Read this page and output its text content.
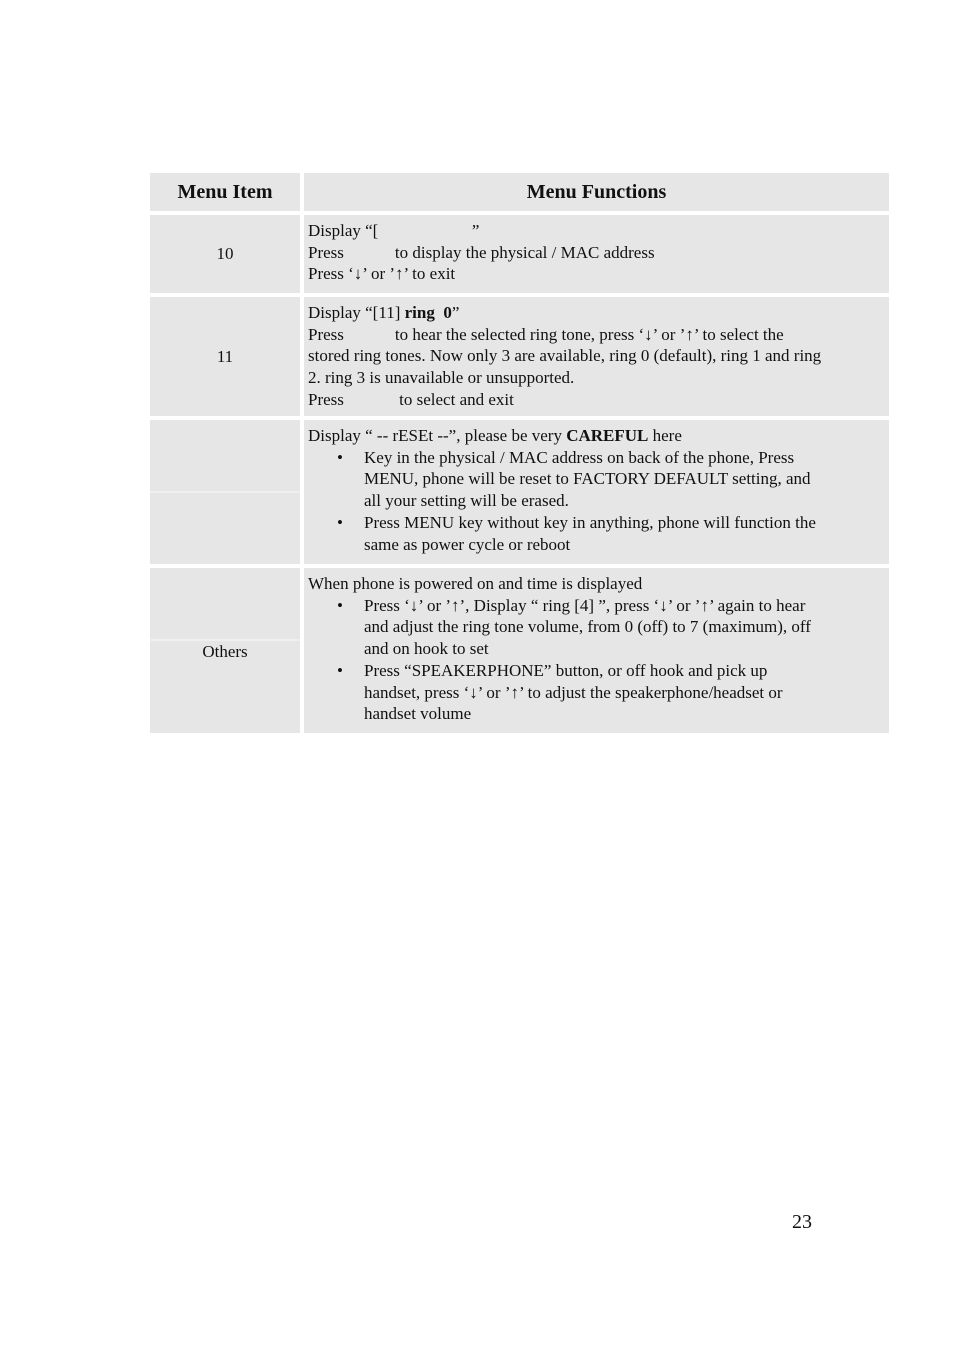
Menu Item	Menu Functions
10
Display “[                      ”
Press            to display the physical / MAC address
Press ‘↓’ or ’↑’ to exit
11
Display “[11] ring  0”
Press            to hear the selected ring tone, press ‘↓’ or ’↑’ to select the
stored ring tones. Now only 3 are available, ring 0 (default), ring 1 and ring
2. ring 3 is unavailable or unsupported.
Press             to select and exit
Display “ -- rESEt --”, please be very CAREFUL here
• Key in the physical / MAC address on back of the phone, Press
MENU, phone will be reset to FACTORY DEFAULT setting, and
all your setting will be erased.
• Press MENU key without key in anything, phone will function the
same as power cycle or reboot
Others
When phone is powered on and time is displayed
• Press ‘↓’ or ’↑’, Display “ ring [4] ”, press ‘↓’ or ’↑’ again to hear
and adjust the ring tone volume, from 0 (off) to 7 (maximum), off
and on hook to set
• Press “SPEAKERPHONE” button, or off hook and pick up
handset, press ‘↓’ or ’↑’ to adjust the speakerphone/headset or
handset volume
23
